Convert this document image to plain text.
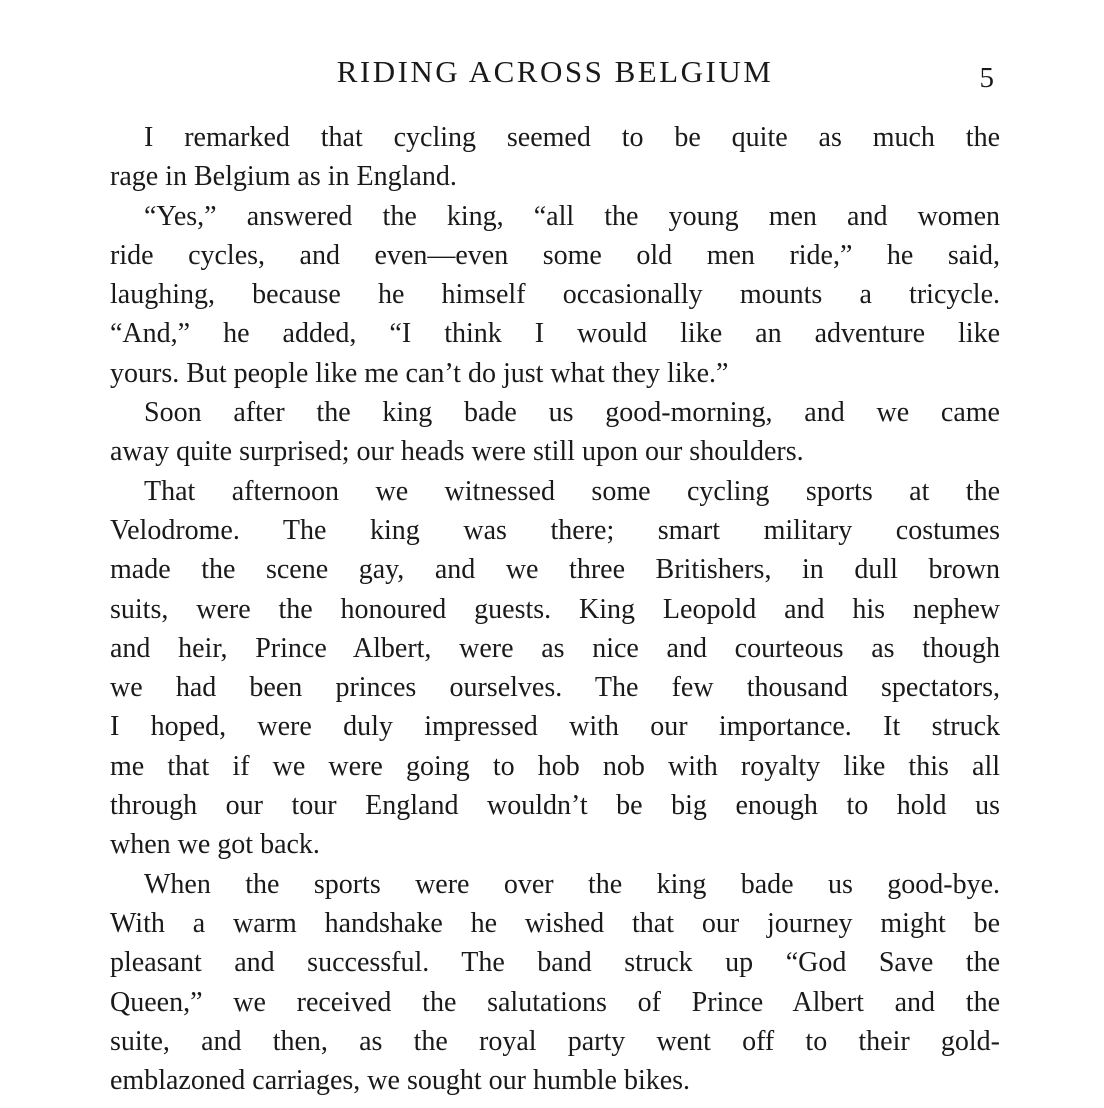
RIDING ACROSS BELGIUM	5
I remarked that cycling seemed to be quite as much the
rage in Belgium as in England.
“Yes,” answered the king, “all the young men and women
ride cycles, and even—even some old men ride,” he said,
laughing, because he himself occasionally mounts a tricycle.
“And,” he added, “I think I would like an adventure like
yours. But people like me can’t do just what they like.”
Soon after the king bade us good-morning, and we came
away quite surprised; our heads were still upon our shoulders.
That afternoon we witnessed some cycling sports at the
Velodrome. The king was there; smart military costumes
made the scene gay, and we three Britishers, in dull brown
suits, were the honoured guests. King Leopold and his nephew
and heir, Prince Albert, were as nice and courteous as though
we had been princes ourselves. The few thousand spectators,
I hoped, were duly impressed with our importance. It struck
me that if we were going to hob nob with royalty like this all
through our tour England wouldn’t be big enough to hold us
when we got back.
When the sports were over the king bade us good-bye.
With a warm handshake he wished that our journey might be
pleasant and successful. The band struck up “God Save the
Queen,” we received the salutations of Prince Albert and the
suite, and then, as the royal party went off to their gold-
emblazoned carriages, we sought our humble bikes.
